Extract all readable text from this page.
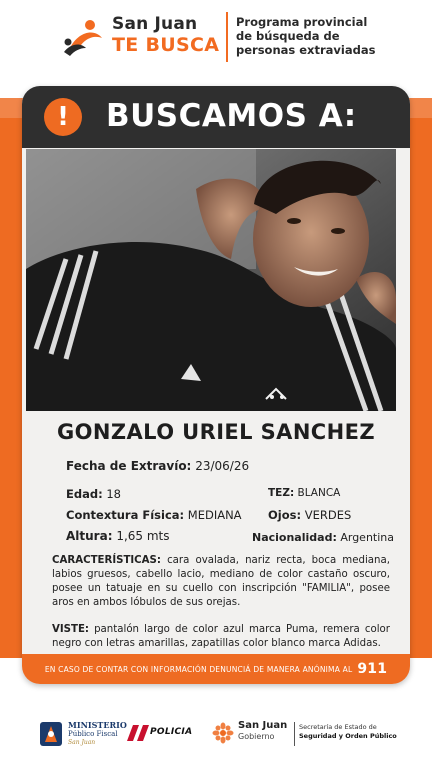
San Juan
TE BUSCA
Programa provincial
de búsqueda de
personas extraviadas
!	BUSCAMOS A:
GONZALO URIEL SANCHEZ
Fecha de Extravío: 23/06/26
Edad: 18	TEZ: BLANCA
Contextura Física: MEDIANA Ojos: VERDES
Altura: 1,65 mts	Nacionalidad: Argentina
CARACTERÍSTICAS: cara ovalada, nariz recta, boca mediana, labios gruesos, cabello lacio, mediano de color castaño oscuro, posee un tatuaje en su cuello con inscripción "FAMILIA", posee aros en ambos lóbulos de sus orejas.
VISTE: pantalón largo de color azul marca Puma, remera color negro con letras amarillas, zapatillas color blanco marca Adidas.
EN CASO DE CONTAR CON INFORMACIÓN DENUNCIÁ DE MANERA ANÓNIMA AL 911
MINISTERIO
Público Fiscal
San Juan
POLICIA
San Juan
Gobierno
Secretaría de Estado de
Seguridad y Orden Público
